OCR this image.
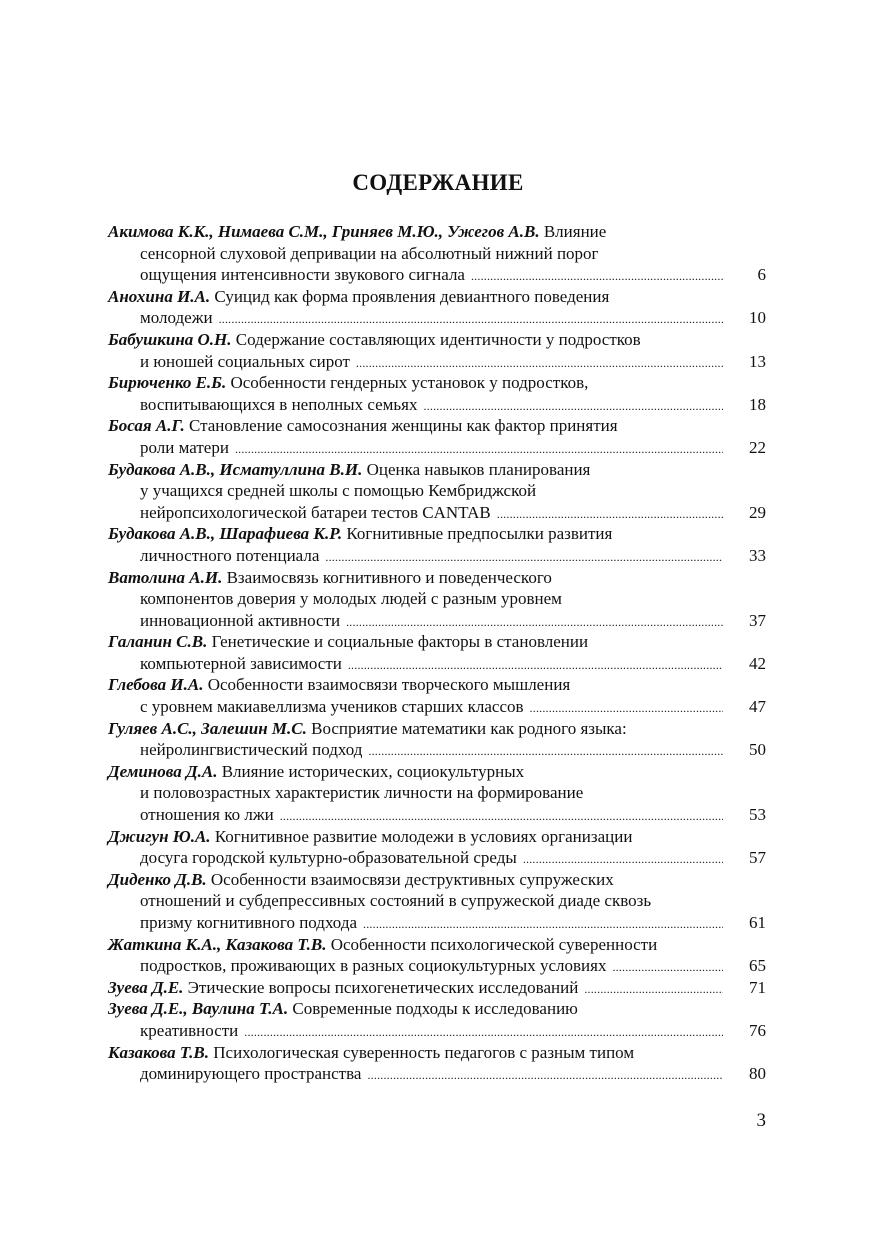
СОДЕРЖАНИЕ
Акимова К.К., Нимаева С.М., Гриняев М.Ю., Ужегов А.В.
Влияние
сенсорной слуховой депривации на абсолютный нижний порог
ощущения интенсивности звукового сигнала . . .	6
Анохина И.А.
Суицид как форма проявления девиантного поведения
молодежи . . .	10
Бабушкина О.Н.
Содержание составляющих идентичности у подростков
и юношей социальных сирот . . .	13
Бирюченко Е.Б.
Особенности гендерных установок у подростков,
воспитывающихся в неполных семьях . . .	18
Босая А.Г.
Становление самосознания женщины как фактор принятия
роли матери . . .	22
Будакова А.В., Исматуллина В.И.
Оценка навыков планирования
у учащихся средней школы с помощью Кембриджской
нейропсихологической батареи тестов CANTAB . . .	29
Будакова А.В., Шарафиева К.Р.
Когнитивные предпосылки развития
личностного потенциала . . .	33
Ватолина А.И.
Взаимосвязь когнитивного и поведенческого
компонентов доверия у молодых людей с разным уровнем
инновационной активности . . .	37
Галанин С.В.
Генетические и социальные факторы в становлении
компьютерной зависимости . . .	42
Глебова И.А.
Особенности взаимосвязи творческого мышления
с уровнем макиавеллизма учеников старших классов . . .	47
Гуляев А.С., Залешин М.С.
Восприятие математики как родного языка:
нейролингвистический подход . . .	50
Деминова Д.А.
Влияние исторических, социокультурных
и половозрастных характеристик личности на формирование
отношения ко лжи . . .	53
Джигун Ю.А.
Когнитивное развитие молодежи в условиях организации
досуга городской культурно-образовательной среды . . .	57
Диденко Д.В.
Особенности взаимосвязи деструктивных супружеских
отношений и субдепрессивных состояний в супружеской диаде сквозь
призму когнитивного подхода . . .	61
Жаткина К.А., Казакова Т.В.
Особенности психологической суверенности
подростков, проживающих в разных социокультурных условиях . . .	65
Зуева Д.Е.
Этические вопросы психогенетических исследований . . .	71
Зуева Д.Е., Ваулина Т.А.
Современные подходы к исследованию
креативности . . .	76
Казакова Т.В.
Психологическая суверенность педагогов с разным типом
доминирующего пространства . . .	80
3
